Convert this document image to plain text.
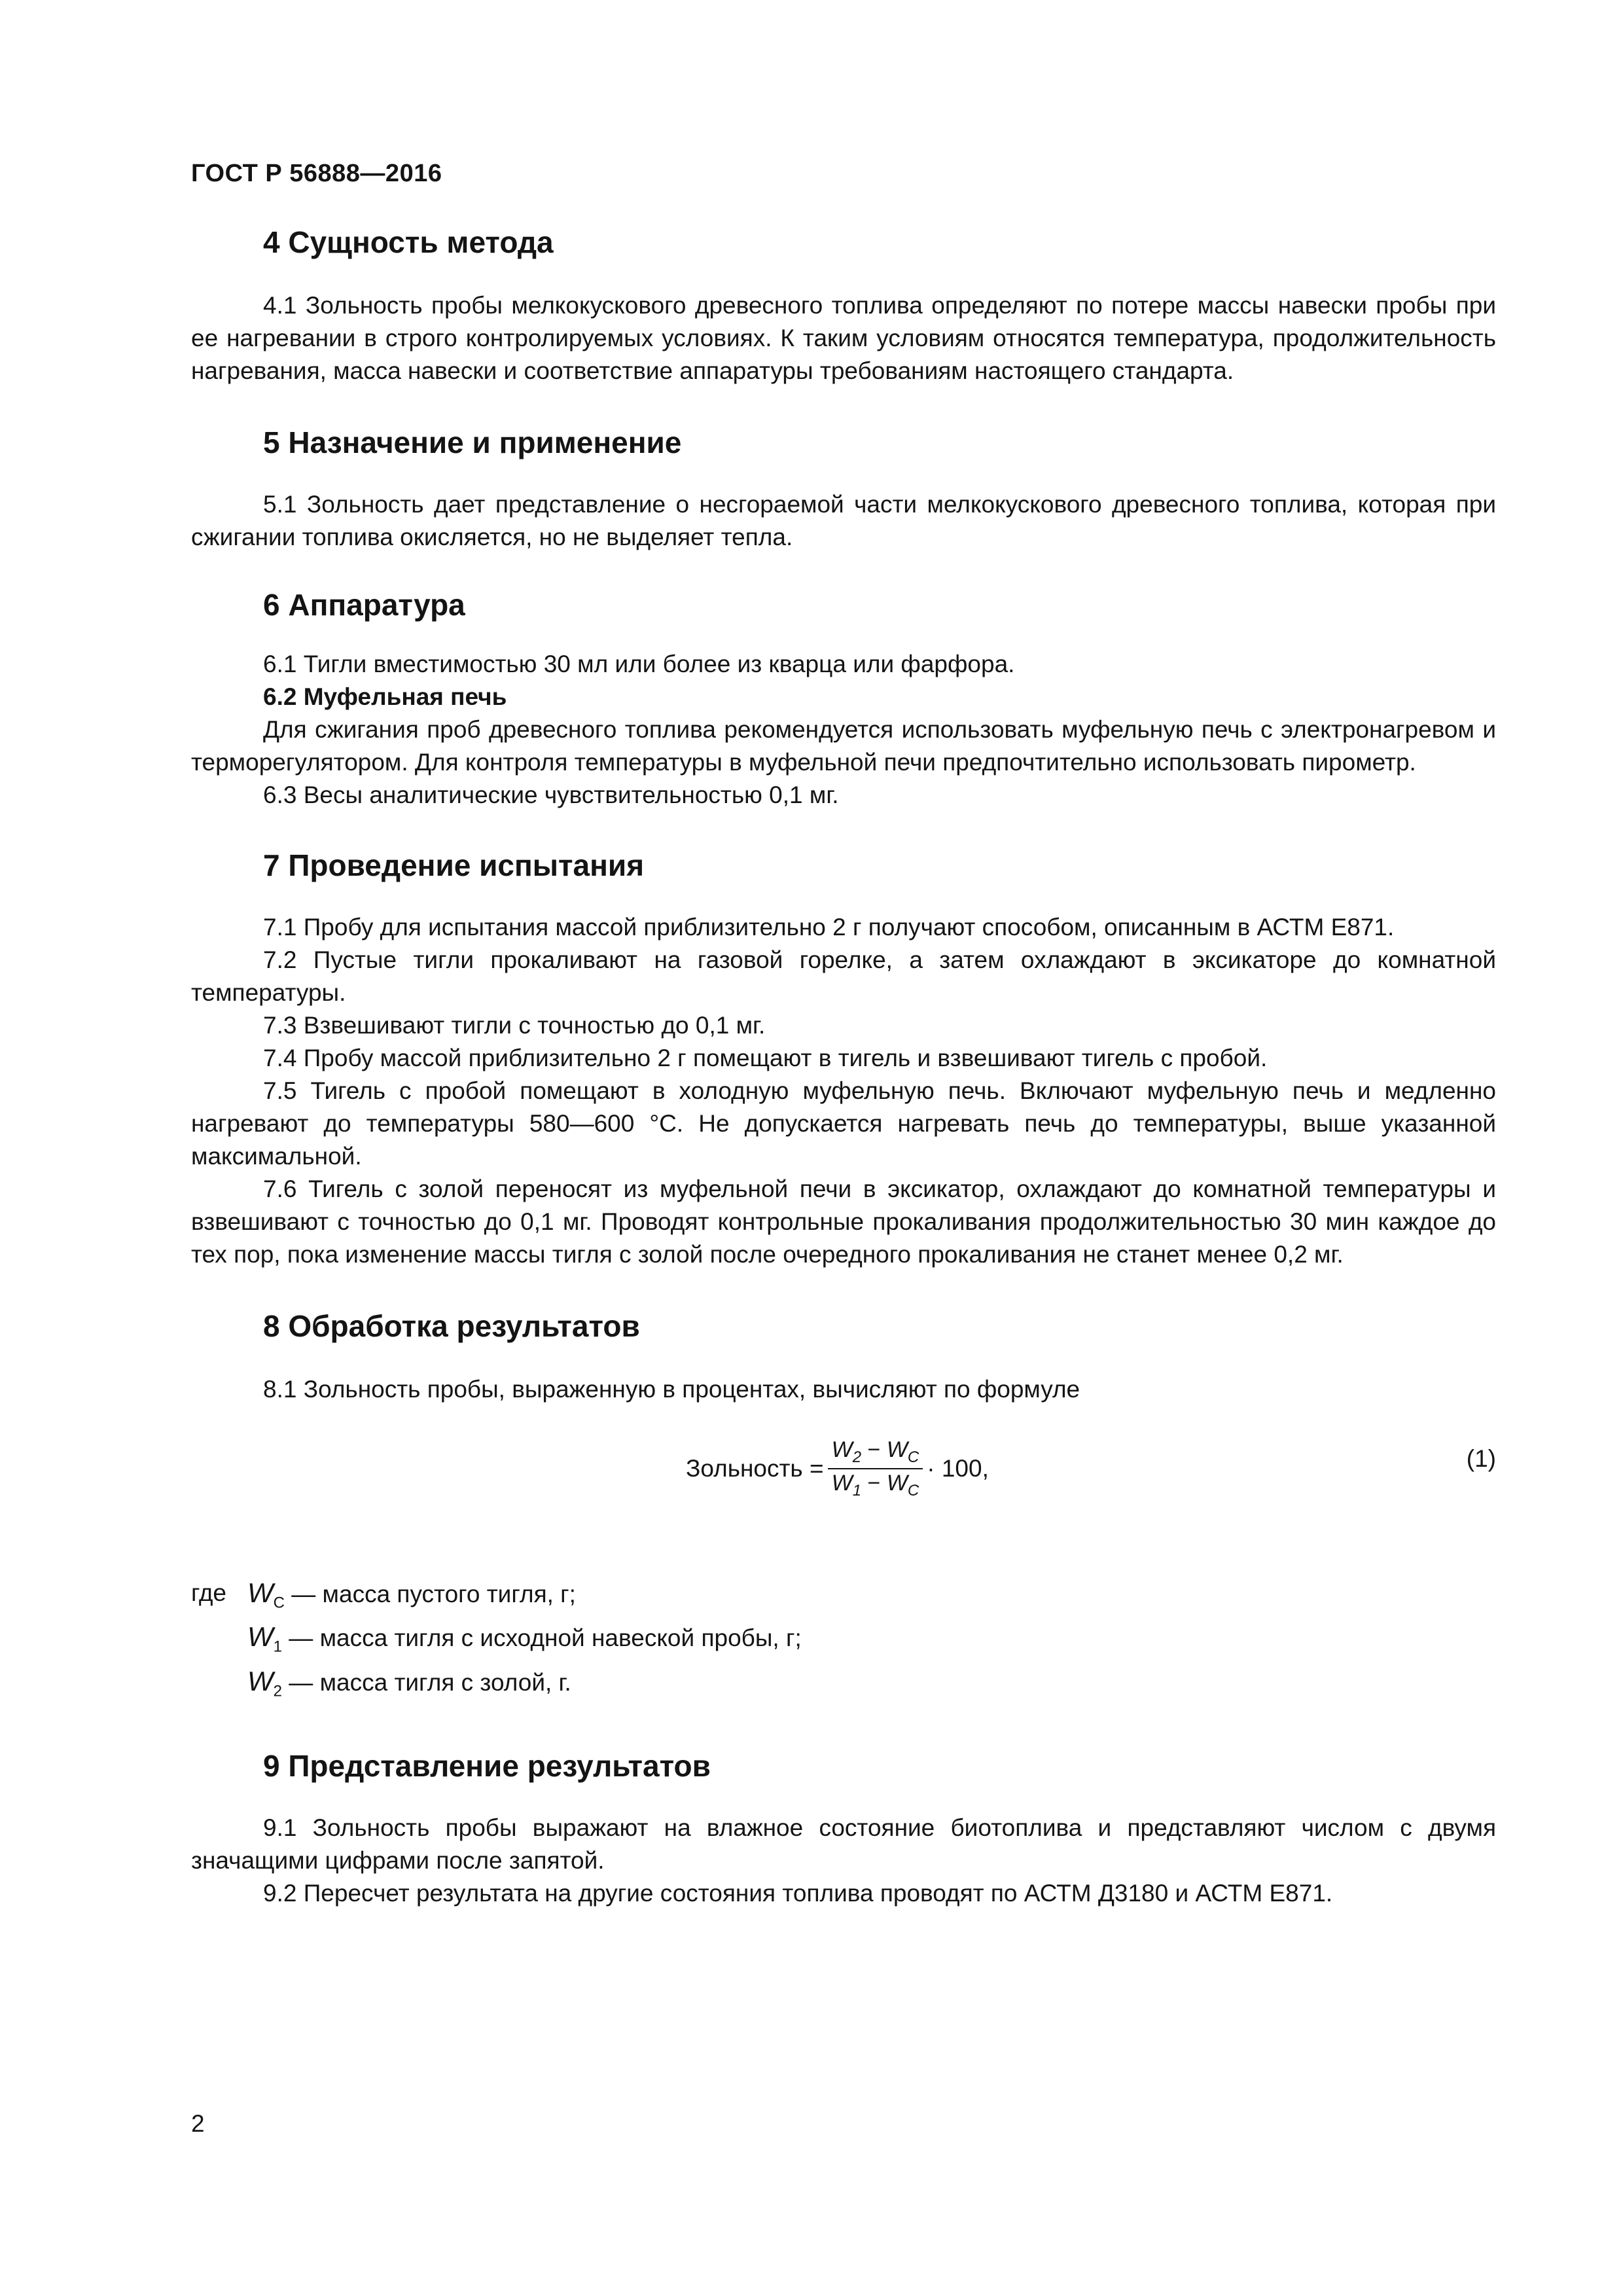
ГОСТ Р 56888—2016
4 Сущность метода

4.1 Зольность пробы мелкокускового древесного топлива определяют по потере массы навески пробы при ее нагревании в строго контролируемых условиях. К таким условиям относятся температура, продолжительность нагревания, масса навески и соответствие аппаратуры требованиям настоящего стандарта.

5 Назначение и применение

5.1 Зольность дает представление о несгораемой части мелкокускового древесного топлива, которая при сжигании топлива окисляется, но не выделяет тепла.

6 Аппаратура

6.1 Тигли вместимостью 30 мл или более из кварца или фарфора.

6.2 Муфельная печь

Для сжигания проб древесного топлива рекомендуется использовать муфельную печь с электронагревом и терморегулятором. Для контроля температуры в муфельной печи предпочтительно использовать пирометр.

6.3 Весы аналитические чувствительностью 0,1 мг.

7 Проведение испытания

7.1 Пробу для испытания массой приблизительно 2 г получают способом, описанным в АСТМ Е871.

7.2 Пустые тигли прокаливают на газовой горелке, а затем охлаждают в эксикаторе до комнатной температуры.

7.3 Взвешивают тигли с точностью до 0,1 мг.

7.4 Пробу массой приблизительно 2 г помещают в тигель и взвешивают тигель с пробой.

7.5 Тигель с пробой помещают в холодную муфельную печь. Включают муфельную печь и медленно нагревают до температуры 580—600 °С. Не допускается нагревать печь до температуры, выше указанной максимальной.

7.6 Тигель с золой переносят из муфельной печи в эксикатор, охлаждают до комнатной температуры и взвешивают с точностью до 0,1 мг. Проводят контрольные прокаливания продолжительностью 30 мин каждое до тех пор, пока изменение массы тигля с золой после очередного прокаливания не станет менее 0,2 мг.

8 Обработка результатов

8.1 Зольность пробы, выраженную в процентах, вычисляют по формуле

Зольность = $\frac{W_2 - W_C}{W_1 - W_C} \cdot 100$,	(1)
где $W_C$ — масса пустого тигля, г;
$W_1$ — масса тигля с исходной навеской пробы, г;
$W_2$ — масса тигля с золой, г.
9 Представление результатов

9.1 Зольность пробы выражают на влажное состояние биотоплива и представляют числом с двумя значащими цифрами после запятой.

9.2 Пересчет результата на другие состояния топлива проводят по АСТМ Д3180 и АСТМ Е871.

2
